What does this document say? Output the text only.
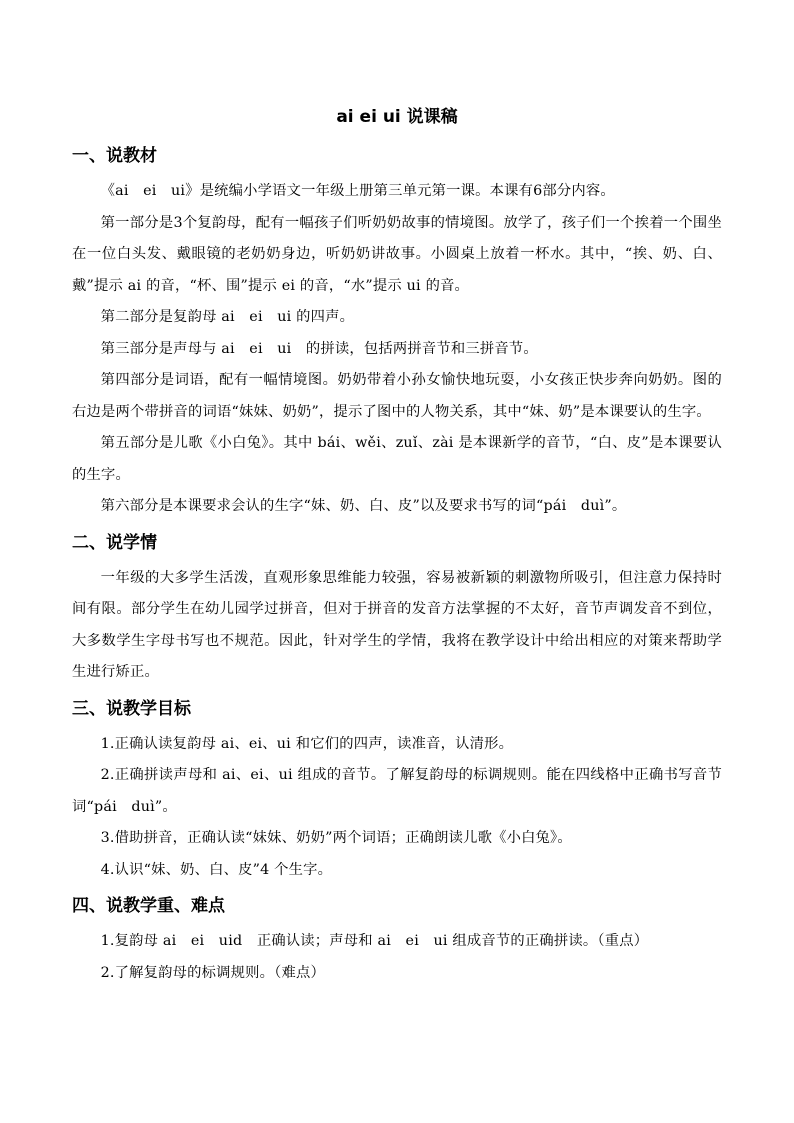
ai ei ui 说课稿
一、说教材

《ai　ei　ui》是统编小学语文一年级上册第三单元第一课。本课有6部分内容。

第一部分是3个复韵母，配有一幅孩子们听奶奶故事的情境图。放学了，孩子们一个挨着一个围坐在一位白头发、戴眼镜的老奶奶身边，听奶奶讲故事。小圆桌上放着一杯水。其中，“挨、奶、白、戴”提示 ai 的音，“杯、围”提示 ei 的音，“水”提示 ui 的音。

第二部分是复韵母 ai　ei　ui 的四声。

第三部分是声母与 ai　ei　ui　的拼读，包括两拼音节和三拼音节。

第四部分是词语，配有一幅情境图。奶奶带着小孙女愉快地玩耍，小女孩正快步奔向奶奶。图的右边是两个带拼音的词语“妹妹、奶奶”，提示了图中的人物关系，其中“妹、奶”是本课要认的生字。

第五部分是儿歌《小白兔》。其中 bái、wěi、zuǐ、zài 是本课新学的音节，“白、皮”是本课要认的生字。

第六部分是本课要求会认的生字“妹、奶、白、皮”以及要求书写的词“pái　duì”。

二、说学情

一年级的大多学生活泼，直观形象思维能力较强，容易被新颖的刺激物所吸引，但注意力保持时间有限。部分学生在幼儿园学过拼音，但对于拼音的发音方法掌握的不太好，音节声调发音不到位，大多数学生字母书写也不规范。因此，针对学生的学情，我将在教学设计中给出相应的对策来帮助学生进行矫正。

三、说教学目标

1.正确认读复韵母 ai、ei、ui 和它们的四声，读准音，认清形。

2.正确拼读声母和 ai、ei、ui 组成的音节。了解复韵母的标调规则。能在四线格中正确书写音节词“pái　duì”。

3.借助拼音，正确认读“妹妹、奶奶”两个词语；正确朗读儿歌《小白兔》。

4.认识“妹、奶、白、皮”4 个生字。

四、说教学重、难点

1.复韵母 ai　ei　uid　正确认读；声母和 ai　ei　ui 组成音节的正确拼读。（重点）

2.了解复韵母的标调规则。（难点）
